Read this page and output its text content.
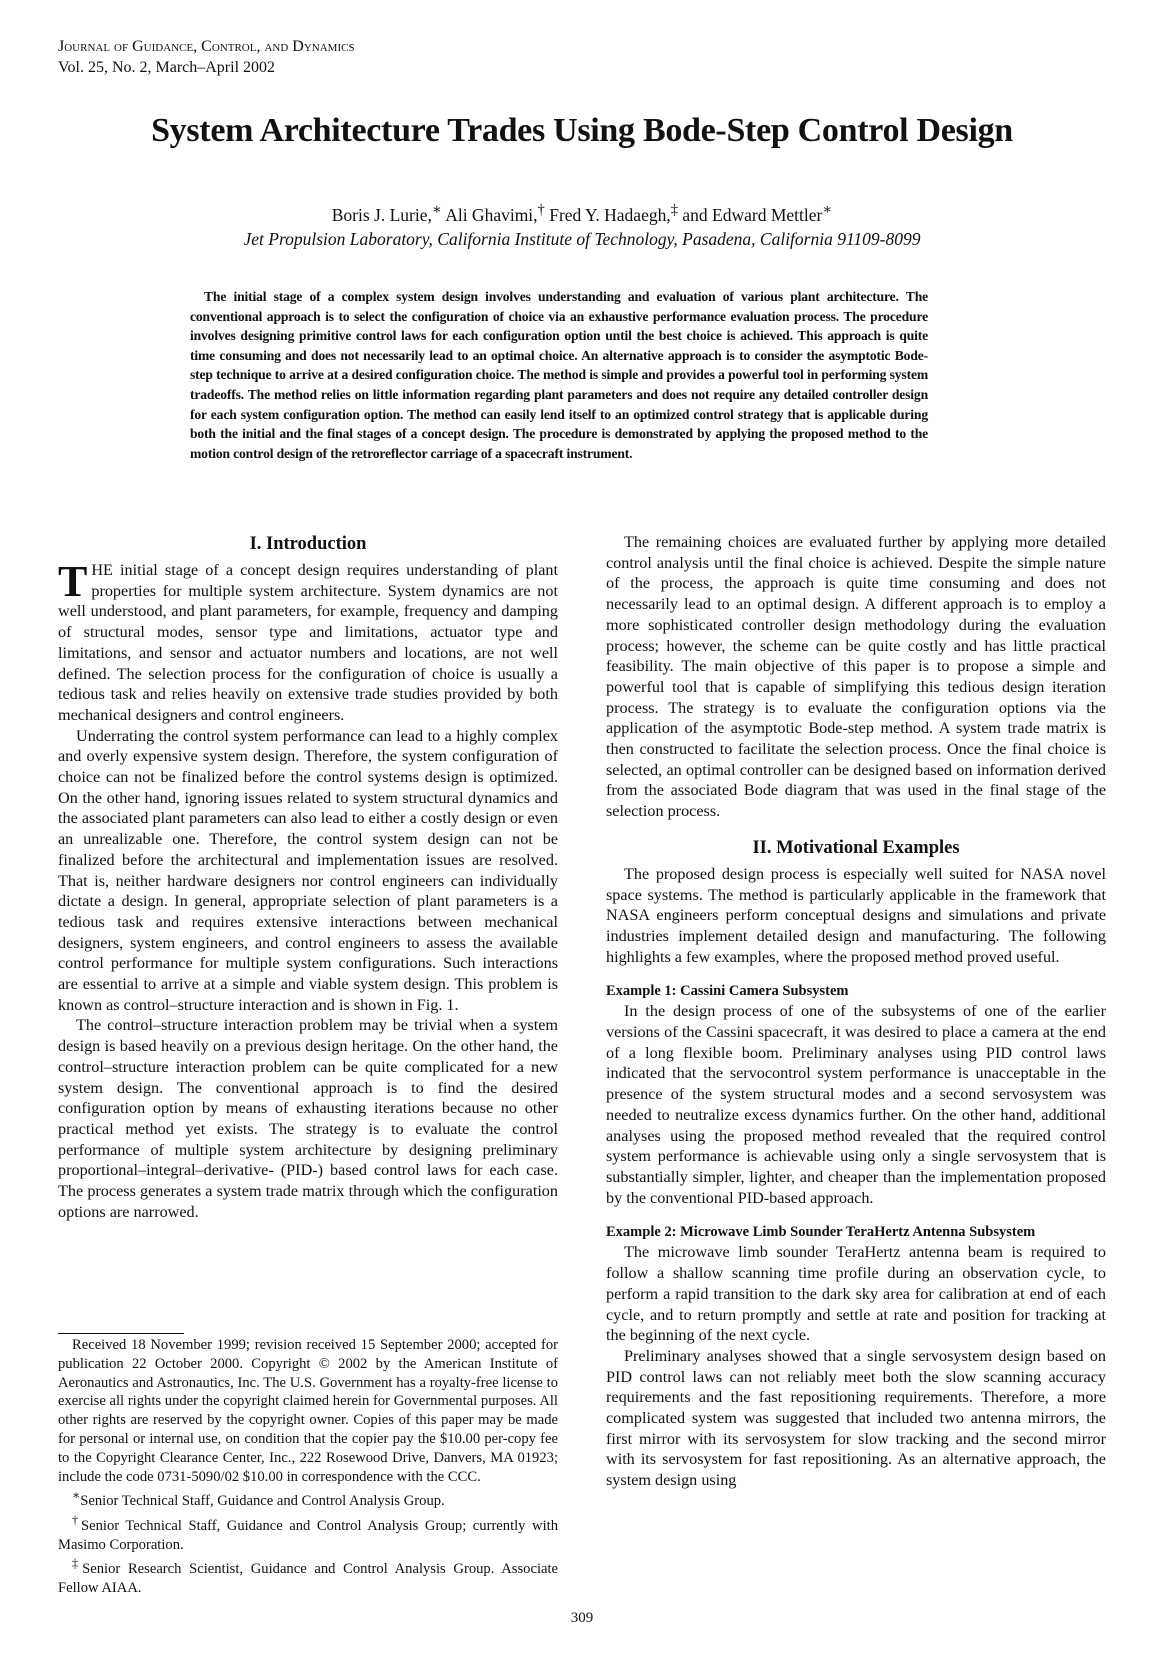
Journal of Guidance, Control, and Dynamics
Vol. 25, No. 2, March–April 2002
System Architecture Trades Using Bode-Step Control Design
Boris J. Lurie,∗ Ali Ghavimi,† Fred Y. Hadaegh,‡ and Edward Mettler∗
Jet Propulsion Laboratory, California Institute of Technology, Pasadena, California 91109-8099
The initial stage of a complex system design involves understanding and evaluation of various plant architecture. The conventional approach is to select the configuration of choice via an exhaustive performance evaluation process. The procedure involves designing primitive control laws for each configuration option until the best choice is achieved. This approach is quite time consuming and does not necessarily lead to an optimal choice. An alternative approach is to consider the asymptotic Bode-step technique to arrive at a desired configuration choice. The method is simple and provides a powerful tool in performing system tradeoffs. The method relies on little information regarding plant parameters and does not require any detailed controller design for each system configuration option. The method can easily lend itself to an optimized control strategy that is applicable during both the initial and the final stages of a concept design. The procedure is demonstrated by applying the proposed method to the motion control design of the retroreflector carriage of a spacecraft instrument.
I. Introduction

THE initial stage of a concept design requires understanding of plant properties for multiple system architecture. System dynamics are not well understood, and plant parameters, for example, frequency and damping of structural modes, sensor type and limitations, actuator type and limitations, and sensor and actuator numbers and locations, are not well defined. The selection process for the configuration of choice is usually a tedious task and relies heavily on extensive trade studies provided by both mechanical designers and control engineers.

Underrating the control system performance can lead to a highly complex and overly expensive system design. Therefore, the system configuration of choice can not be finalized before the control systems design is optimized. On the other hand, ignoring issues related to system structural dynamics and the associated plant parameters can also lead to either a costly design or even an unrealizable one. Therefore, the control system design can not be finalized before the architectural and implementation issues are resolved. That is, neither hardware designers nor control engineers can individually dictate a design. In general, appropriate selection of plant parameters is a tedious task and requires extensive interactions between mechanical designers, system engineers, and control engineers to assess the available control performance for multiple system configurations. Such interactions are essential to arrive at a simple and viable system design. This problem is known as control–structure interaction and is shown in Fig. 1.

The control–structure interaction problem may be trivial when a system design is based heavily on a previous design heritage. On the other hand, the control–structure interaction problem can be quite complicated for a new system design. The conventional approach is to find the desired configuration option by means of exhausting iterations because no other practical method yet exists. The strategy is to evaluate the control performance of multiple system architecture by designing preliminary proportional–integral–derivative- (PID-) based control laws for each case. The process generates a system trade matrix through which the configuration options are narrowed.

The remaining choices are evaluated further by applying more detailed control analysis until the final choice is achieved. Despite the simple nature of the process, the approach is quite time consuming and does not necessarily lead to an optimal design. A different approach is to employ a more sophisticated controller design methodology during the evaluation process; however, the scheme can be quite costly and has little practical feasibility. The main objective of this paper is to propose a simple and powerful tool that is capable of simplifying this tedious design iteration process. The strategy is to evaluate the configuration options via the application of the asymptotic Bode-step method. A system trade matrix is then constructed to facilitate the selection process. Once the final choice is selected, an optimal controller can be designed based on information derived from the associated Bode diagram that was used in the final stage of the selection process.

II. Motivational Examples

The proposed design process is especially well suited for NASA novel space systems. The method is particularly applicable in the framework that NASA engineers perform conceptual designs and simulations and private industries implement detailed design and manufacturing. The following highlights a few examples, where the proposed method proved useful.

Example 1: Cassini Camera Subsystem

In the design process of one of the subsystems of one of the earlier versions of the Cassini spacecraft, it was desired to place a camera at the end of a long flexible boom. Preliminary analyses using PID control laws indicated that the servocontrol system performance is unacceptable in the presence of the system structural modes and a second servosystem was needed to neutralize excess dynamics further. On the other hand, additional analyses using the proposed method revealed that the required control system performance is achievable using only a single servosystem that is substantially simpler, lighter, and cheaper than the implementation proposed by the conventional PID-based approach.

Example 2: Microwave Limb Sounder TeraHertz Antenna Subsystem

The microwave limb sounder TeraHertz antenna beam is required to follow a shallow scanning time profile during an observation cycle, to perform a rapid transition to the dark sky area for calibration at end of each cycle, and to return promptly and settle at rate and position for tracking at the beginning of the next cycle.

Preliminary analyses showed that a single servosystem design based on PID control laws can not reliably meet both the slow scanning accuracy requirements and the fast repositioning requirements. Therefore, a more complicated system was suggested that included two antenna mirrors, the first mirror with its servosystem for slow tracking and the second mirror with its servosystem for fast repositioning. As an alternative approach, the system design using

Received 18 November 1999; revision received 15 September 2000; accepted for publication 22 October 2000. Copyright © 2002 by the American Institute of Aeronautics and Astronautics, Inc. The U.S. Government has a royalty-free license to exercise all rights under the copyright claimed herein for Governmental purposes. All other rights are reserved by the copyright owner. Copies of this paper may be made for personal or internal use, on condition that the copier pay the $10.00 per-copy fee to the Copyright Clearance Center, Inc., 222 Rosewood Drive, Danvers, MA 01923; include the code 0731-5090/02 $10.00 in correspondence with the CCC.

∗Senior Technical Staff, Guidance and Control Analysis Group.

†Senior Technical Staff, Guidance and Control Analysis Group; currently with Masimo Corporation.

‡Senior Research Scientist, Guidance and Control Analysis Group. Associate Fellow AIAA.

309
